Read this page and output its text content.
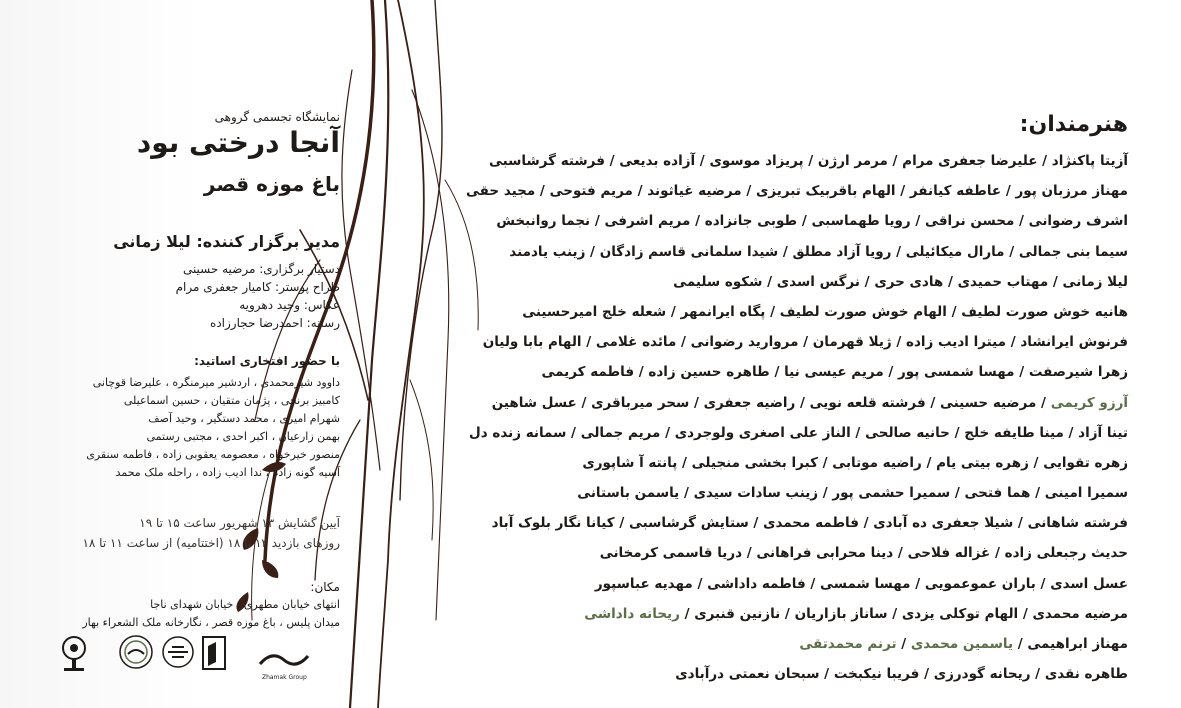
نمایشگاه تجسمی گروهی
آنجا درختی بود
باغ موزه قصر
مدیر برگزار کننده: لیلا زمانی
دستیار برگزاری: مرضیه حسینی
طراح پوستر: کامیار جعفری مرام
عکاس: وحید دهرویه
رسانه: احمدرضا حجارزاده
با حضور افتخاری اساتید:
داوود شیرمحمدی ، اردشیر میرمنگره ، علیرضا قوچانی
کامبیز برنجی ، پژمان متقیان ، حسین اسماعیلی
شهرام امیری ، محمد دستگیر ، وحید آصف
بهمن زارعیان ، اکبر احدی ، مجتبی رستمی
منصور خیرخواه ، معصومه یعقوبی زاده ، فاطمه سنقری
آسیه گونه زاده ، ندا ادیب زاده ، راحله ملک محمد
آیین گشایش ۱۳ شهریور ساعت ۱۵ تا ۱۹
روزهای بازدید ۱۳ تا ۱۸ (اختتامیه) از ساعت ۱۱ تا ۱۸
مکان:
انتهای خیابان مطهری ، خیابان شهدای ناجا
میدان پلیس ، باغ موزه قصر ، نگارخانه ملک الشعراء بهار
Zhamak Group
هنرمندان:
آزیتا پاکنژاد / علیرضا جعفری مرام / مرمر ارژن / پریزاد موسوی / آزاده بدیعی / فرشته گرشاسبی
مهناز مرزبان پور / عاطفه کیانفر / الهام باقربیک تبریزی / مرضیه غیاثوند / مریم فتوحی / مجید حقی
اشرف رضوانی / محسن نراقی / رویا طهماسبی / طوبی جانزاده / مریم اشرفی / نجما روانبخش
سیما بنی جمالی / مارال میکائیلی / رویا آزاد مطلق / شیدا سلمانی قاسم زادگان / زینب یادمند
لیلا زمانی / مهتاب حمیدی / هادی حری / نرگس اسدی / شکوه سلیمی
هانیه خوش صورت لطیف / الهام خوش صورت لطیف / پگاه ایرانمهر / شعله خلج امیرحسینی
فرنوش ایرانشاد / میترا ادیب زاده / ژیلا قهرمان / مروارید رضوانی / مائده غلامی / الهام بابا ولیان
زهرا شیرصفت / مهسا شمسی پور / مریم عیسی نیا / طاهره حسین زاده / فاطمه کریمی
آرزو کریمی / مرضیه حسینی / فرشته قلعه نویی / راضیه جعفری / سحر میرباقری / عسل شاهین
تینا آزاد / مینا طایفه خلج / حانیه صالحی / الناز علی اصغری ولوجردی / مریم جمالی / سمانه زنده دل
زهره تقوایی / زهره بیتی یام / راضیه موتابی / کبرا بخشی منجیلی / پانته آ شاپوری
سمیرا امینی / هما فتحی / سمیرا حشمی پور / زینب سادات سیدی / یاسمن باستانی
فرشته شاهانی / شیلا جعفری ده آبادی / فاطمه محمدی / ستایش گرشاسبی / کیانا نگار بلوک آباد
حدیث رجبعلی زاده / غزاله فلاحی / دینا محرابی فراهانی / دریا قاسمی کرمخانی
عسل اسدی / باران عموعمویی / مهسا شمسی / فاطمه داداشی / مهدیه عباسپور
مرضیه محمدی / الهام توکلی یزدی / ساناز بازاریان / نازنین قنبری / ریحانه داداشی
مهناز ابراهیمی / یاسمین محمدی / ترنم محمدتقی
طاهره نقدی / ریحانه گودرزی / فریبا نیکبخت / سبحان نعمتی درآبادی
